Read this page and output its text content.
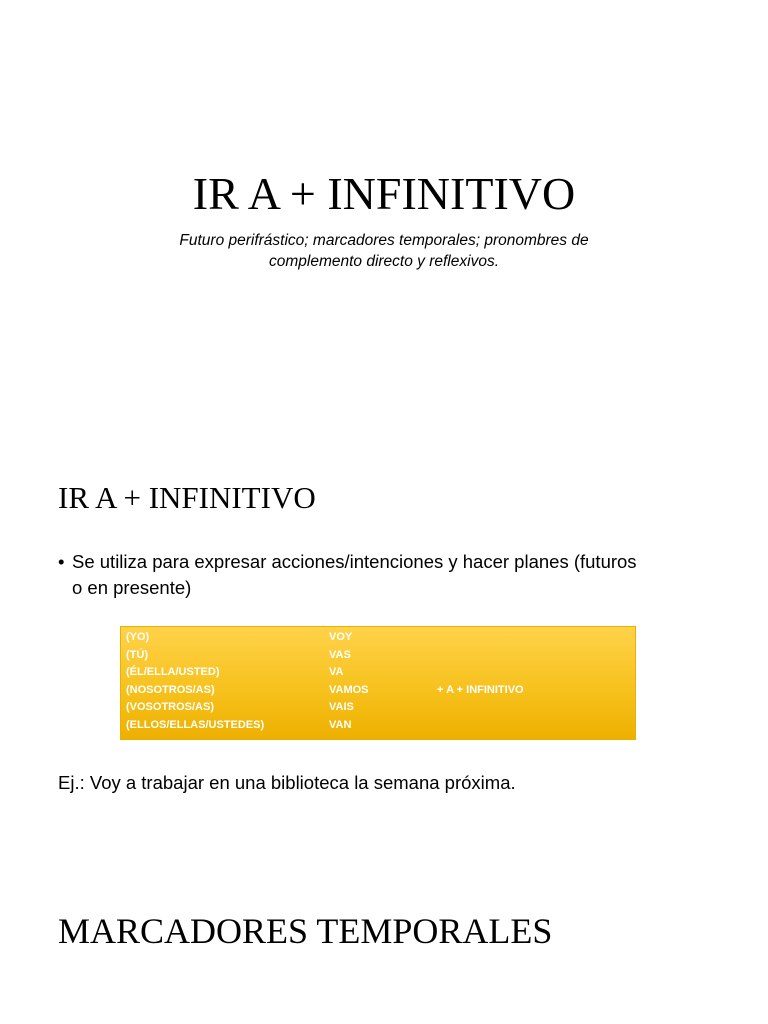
IR A + INFINITIVO
Futuro perifrástico; marcadores temporales; pronombres de
complemento directo y reflexivos.
IR A + INFINITIVO
• Se utiliza para expresar acciones/intenciones y hacer planes (futuros
o en presente)
(YO)
(TÚ)
(ÉL/ELLA/USTED)
(NOSOTROS/AS)
(VOSOTROS/AS)
(ELLOS/ELLAS/USTEDES)
VOY
VAS
VA
VAMOS
VAIS
VAN
+ A + INFINITIVO
Ej.: Voy a trabajar en una biblioteca la semana próxima.
MARCADORES TEMPORALES
